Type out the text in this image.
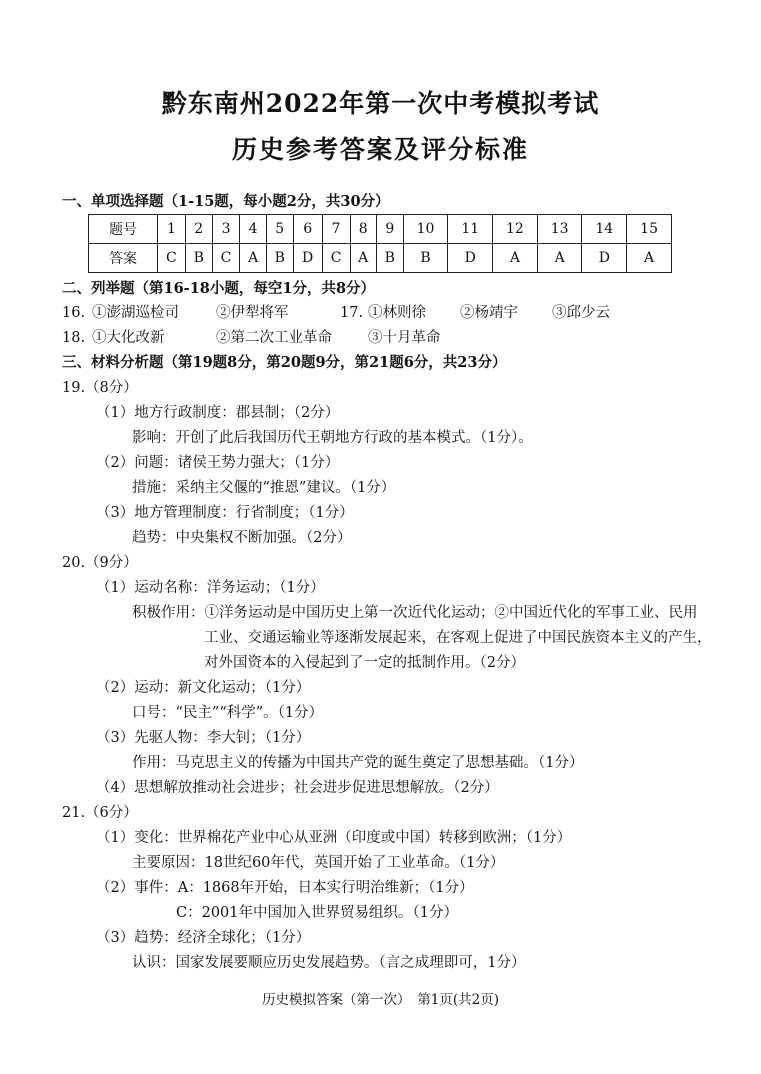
黔东南州2022年第一次中考模拟考试
历史参考答案及评分标准
一、单项选择题（1-15题，每小题2分，共30分）
题号	1	2	3	4	5	6	7	8	9	10	11	12	13	14	15
答案	C	B	C	A	B	D	C	A	B	B	D	A	A	D	A
二、列举题（第16-18小题，每空1分，共8分）
16. ①澎湖巡检司	②伊犁将军	17. ①林则徐 ②杨靖宇 ③邱少云
18. ①大化改新	②第二次工业革命 ③十月革命
三、材料分析题（第19题8分，第20题9分，第21题6分，共23分）
19.（8分）
（1）地方行政制度：郡县制；（2分）
影响：开创了此后我国历代王朝地方行政的基本模式。（1分）。
（2）问题：诸侯王势力强大；（1分）
措施：采纳主父偃的“推恩”建议。（1分）
（3）地方管理制度：行省制度；（1分）
趋势：中央集权不断加强。（2分）
20.（9分）
（1）运动名称：洋务运动；（1分）
积极作用：①洋务运动是中国历史上第一次近代化运动；②中国近代化的军事工业、民用
工业、交通运输业等逐渐发展起来，在客观上促进了中国民族资本主义的产生，
对外国资本的入侵起到了一定的抵制作用。（2分）
（2）运动：新文化运动；（1分）
口号：“民主”“科学”。（1分）
（3）先驱人物：李大钊；（1分）
作用：马克思主义的传播为中国共产党的诞生奠定了思想基础。（1分）
（4）思想解放推动社会进步；社会进步促进思想解放。（2分）
21.（6分）
（1）变化：世界棉花产业中心从亚洲（印度或中国）转移到欧洲；（1分）
主要原因：18世纪60年代，英国开始了工业革命。（1分）
（2）事件：A：1868年开始，日本实行明治维新；（1分）
C：2001年中国加入世界贸易组织。（1分）
（3）趋势：经济全球化；（1分）
认识：国家发展要顺应历史发展趋势。（言之成理即可，1分）
历史模拟答案（第一次）　第1页(共2页)
